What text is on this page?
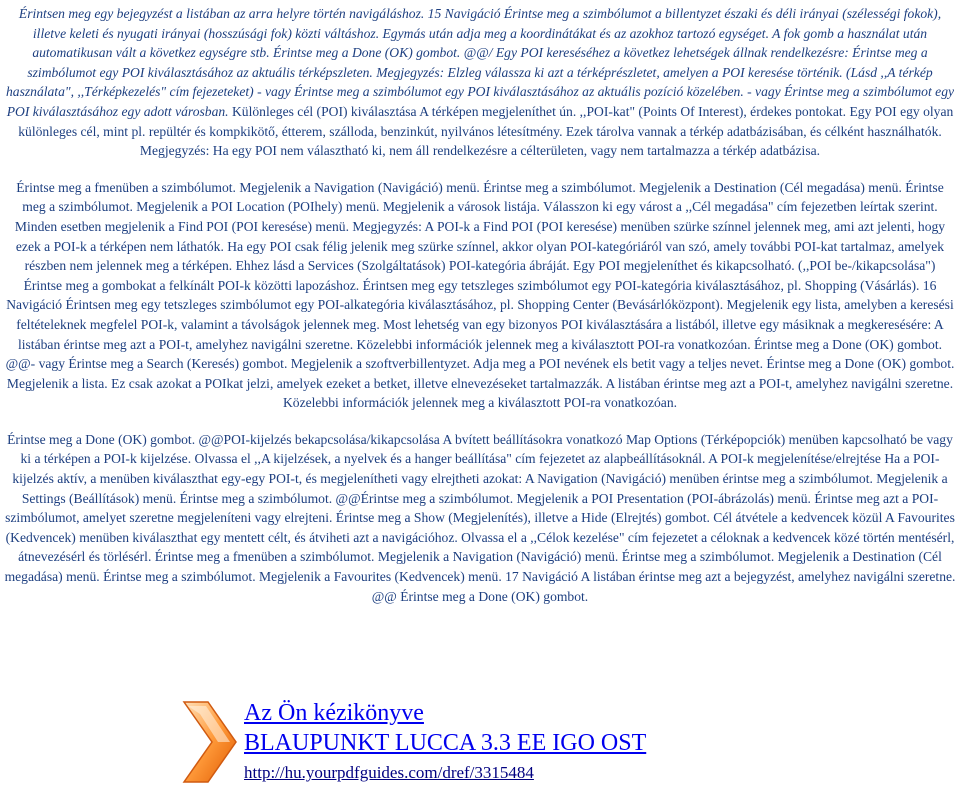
Érintsen meg egy bejegyzést a listában az arra helyre történ navigáláshoz. 15 Navigáció Érintse meg a szimbólumot a billentyzet északi és déli irányai (szélességi fokok), illetve keleti és nyugati irányai (hosszúsági fok) közti váltáshoz. Egymás után adja meg a koordinátákat és az azokhoz tartozó egységet. A fok gomb a használat után automatikusan vált a következ egységre stb. Érintse meg a Done (OK) gombot. @@/ Egy POI kereséséhez a következ lehetségek állnak rendelkezésre: Érintse meg a szimbólumot egy POI kiválasztásához az aktuális térképszleten. Megjegyzés: Elzleg válassza ki azt a térképrészletet, amelyen a POI keresése történik. (Lásd ,,A térkép használata", ,,Térképkezelés" cím fejezeteket) - vagy Érintse meg a szimbólumot egy POI kiválasztásához az aktuális pozíció közelében. - vagy Érintse meg a szimbólumot egy POI kiválasztásához egy adott városban. Különleges cél (POI) kiválasztása A térképen megjeleníthet ún. ,,POI-kat" (Points Of Interest), érdekes pontokat. Egy POI egy olyan különleges cél, mint pl. repültér és kompkikötő, étterem, szálloda, benzinkút, nyilvános létesítmény. Ezek tárolva vannak a térkép adatbázisában, és célként használhatók. Megjegyzés: Ha egy POI nem választható ki, nem áll rendelkezésre a célterületen, vagy nem tartalmazza a térkép adatbázisa.

Érintse meg a fmenüben a szimbólumot. Megjelenik a Navigation (Navigáció) menü. Érintse meg a szimbólumot. Megjelenik a Destination (Cél megadása) menü. Érintse meg a szimbólumot. Megjelenik a POI Location (POIhely) menü. Megjelenik a városok listája. Válasszon ki egy várost a ,,Cél megadása" cím fejezetben leírtak szerint. Minden esetben megjelenik a Find POI (POI keresése) menü. Megjegyzés: A POI-k a Find POI (POI keresése) menüben szürke színnel jelennek meg, ami azt jelenti, hogy ezek a POI-k a térképen nem láthatók. Ha egy POI csak félig jelenik meg szürke színnel, akkor olyan POI-kategóriáról van szó, amely további POI-kat tartalmaz, amelyek részben nem jelennek meg a térképen. Ehhez lásd a Services (Szolgáltatások) POI-kategória ábráját. Egy POI megjeleníthet és kikapcsolható. (,,POI be-/kikapcsolása") Érintse meg a gombokat a felkínált POI-k közötti lapozáshoz. Érintsen meg egy tetszleges szimbólumot egy POI-kategória kiválasztásához, pl. Shopping (Vásárlás). 16 Navigáció Érintsen meg egy tetszleges szimbólumot egy POI-alkategória kiválasztásához, pl. Shopping Center (Bevásárlóközpont). Megjelenik egy lista, amelyben a keresési feltételeknek megfelel POI-k, valamint a távolságok jelennek meg. Most lehetség van egy bizonyos POI kiválasztására a listából, illetve egy másiknak a megkeresésére: A listában érintse meg azt a POI-t, amelyhez navigálni szeretne. Közelebbi információk jelennek meg a kiválasztott POI-ra vonatkozóan. Érintse meg a Done (OK) gombot. @@- vagy Érintse meg a Search (Keresés) gombot. Megjelenik a szoftverbillentyzet. Adja meg a POI nevének els betit vagy a teljes nevet. Érintse meg a Done (OK) gombot. Megjelenik a lista. Ez csak azokat a POIkat jelzi, amelyek ezeket a betket, illetve elnevezéseket tartalmazzák. A listában érintse meg azt a POI-t, amelyhez navigálni szeretne. Közelebbi információk jelennek meg a kiválasztott POI-ra vonatkozóan.

Érintse meg a Done (OK) gombot. @@POI-kijelzés bekapcsolása/kikapcsolása A bvített beállításokra vonatkozó Map Options (Térképopciók) menüben kapcsolható be vagy ki a térképen a POI-k kijelzése. Olvassa el ,,A kijelzések, a nyelvek és a hanger beállítása" cím fejezetet az alapbeállításoknál. A POI-k megjelenítése/elrejtése Ha a POI-kijelzés aktív, a menüben kiválaszthat egy-egy POI-t, és megjelenítheti vagy elrejtheti azokat: A Navigation (Navigáció) menüben érintse meg a szimbólumot. Megjelenik a Settings (Beállítások) menü. Érintse meg a szimbólumot. @@Érintse meg a szimbólumot. Megjelenik a POI Presentation (POI-ábrázolás) menü. Érintse meg azt a POI-szimbólumot, amelyet szeretne megjeleníteni vagy elrejteni. Érintse meg a Show (Megjelenítés), illetve a Hide (Elrejtés) gombot. Cél átvétele a kedvencek közül A Favourites (Kedvencek) menüben kiválaszthat egy mentett célt, és átviheti azt a navigációhoz. Olvassa el a ,,Célok kezelése" cím fejezetet a céloknak a kedvencek közé történ mentésérl, átnevezésérl és törlésérl. Érintse meg a fmenüben a szimbólumot. Megjelenik a Navigation (Navigáció) menü. Érintse meg a szimbólumot. Megjelenik a Destination (Cél megadása) menü. Érintse meg a szimbólumot. Megjelenik a Favourites (Kedvencek) menü. 17 Navigáció A listában érintse meg azt a bejegyzést, amelyhez navigálni szeretne. @@ Érintse meg a Done (OK) gombot.

Az Ön kézikönyve
BLAUPUNKT LUCCA 3.3 EE IGO OST
http://hu.yourpdfguides.com/dref/3315484
